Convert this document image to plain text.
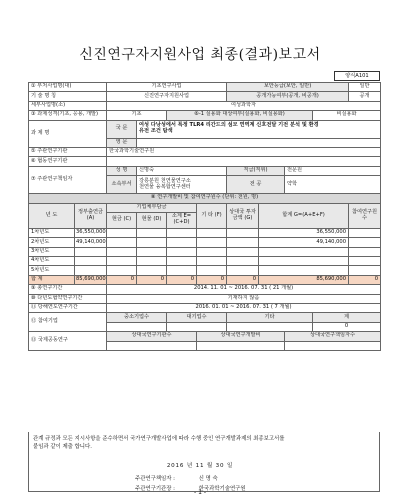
신진연구자지원사업 최종(결과)보고서
양식A101
① 부처사업명(대)		기초연구사업				보안등급(보안, 일반)				일반
기 술 명 칭		신진연구자지원사업				공개가능여부(공개, 비공개)				공개
세부사업명(소)		여성과학자								
③ 과제성격(기초, 응용, 개발)		기초		⑥-1 실용화 대상여부(실용화, 비실용화)					비실용화	
과 제 명		국 문	여성 다낭성에서 특정 TLR4 리간드의 섬모 연역계 신호전달 기전 분석 및 환경
유전 조건 탐색							
		영 문								
⑤ 주관연구기관		한국과학기술연구원								
⑥ 협동연구기관										
⑦ 주관연구책임자		성 명	신명숙			직급(직위)		전문원		
		소속부서	강릉분원 천연물연구소
천연물 융복합연구센터			전 공		약학		
⑧ 연구개발비 및 참여연구원수 (단위: 천원, 명)										
년 도	정부출연금 (A)	기업체부담금			기 타 (F)	상대국 투자금액 (G)	합계 G=(A+E+F)			참여연구원수
		현금 (C)	현물 (D)	소계 E=(C+D)						
1차년도	36,550,000						36,550,000			
2차년도	49,140,000						49,140,000			
3차년도										
4차년도										
5차년도										
합 계	85,690,000	0	0	0	0	0	85,690,000			0
⑨ 총연구기간		2014. 11. 01 ~ 2016. 07. 31 ( 21 개월)								
⑩ 다년도협약연구기간		기재하지 않음								
⑪ 당해연도연구기간		2016. 01. 01 ~ 2016. 07. 31 ( 7 개월)								
⑫ 참여기업		중소기업수		대기업수		기타			계	
									0	
⑬ 국제공동연구		상대국연구기관수			상대국연구개발비			상대국연구책임자수		

관계 규정과 모든 지시사항을 준수하면서 국가연구개발사업에 따라 수행 중인 연구개발과제의 최종보고서를
붙임과 같이 제출 합니다.

2016 년 11 월 30 일
주관연구책임자 :	신 명 숙
주관연구기관장 :	한국과학기술연구원
- 1 -
